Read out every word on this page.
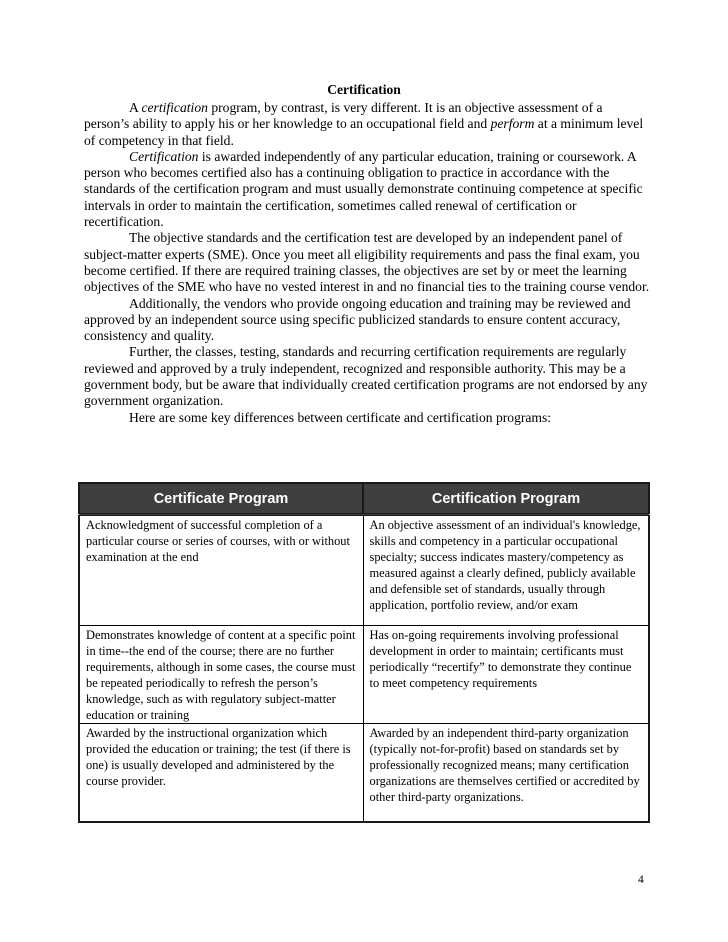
Certification

A certification program, by contrast, is very different. It is an objective assessment of a person’s ability to apply his or her knowledge to an occupational field and perform at a minimum level of competency in that field.

Certification is awarded independently of any particular education, training or coursework. A person who becomes certified also has a continuing obligation to practice in accordance with the standards of the certification program and must usually demonstrate continuing competence at specific intervals in order to maintain the certification, sometimes called renewal of certification or recertification.

The objective standards and the certification test are developed by an independent panel of subject-matter experts (SME). Once you meet all eligibility requirements and pass the final exam, you become certified. If there are required training classes, the objectives are set by or meet the learning objectives of the SME who have no vested interest in and no financial ties to the training course vendor.

Additionally, the vendors who provide ongoing education and training may be reviewed and approved by an independent source using specific publicized standards to ensure content accuracy, consistency and quality.

Further, the classes, testing, standards and recurring certification requirements are regularly reviewed and approved by a truly independent, recognized and responsible authority. This may be a government body, but be aware that individually created certification programs are not endorsed by any government organization.

Here are some key differences between certificate and certification programs:

Certificate Program	Certification Program
Acknowledgment of successful completion of a particular course or series of courses, with or without examination at the end	An objective assessment of an individual's knowledge, skills and competency in a particular occupational specialty; success indicates mastery/competency as measured against a clearly defined, publicly available and defensible set of standards, usually through application, portfolio review, and/or exam
Demonstrates knowledge of content at a specific point in time--the end of the course; there are no further requirements, although in some cases, the course must be repeated periodically to refresh the person’s knowledge, such as with regulatory subject-matter education or training	Has on-going requirements involving professional development in order to maintain; certificants must periodically “recertify” to demonstrate they continue to meet competency requirements
Awarded by the instructional organization which provided the education or training; the test (if there is one) is usually developed and administered by the course provider.	Awarded by an independent third-party organization (typically not-for-profit) based on standards set by professionally recognized means; many certification organizations are themselves certified or accredited by other third-party organizations.
4
